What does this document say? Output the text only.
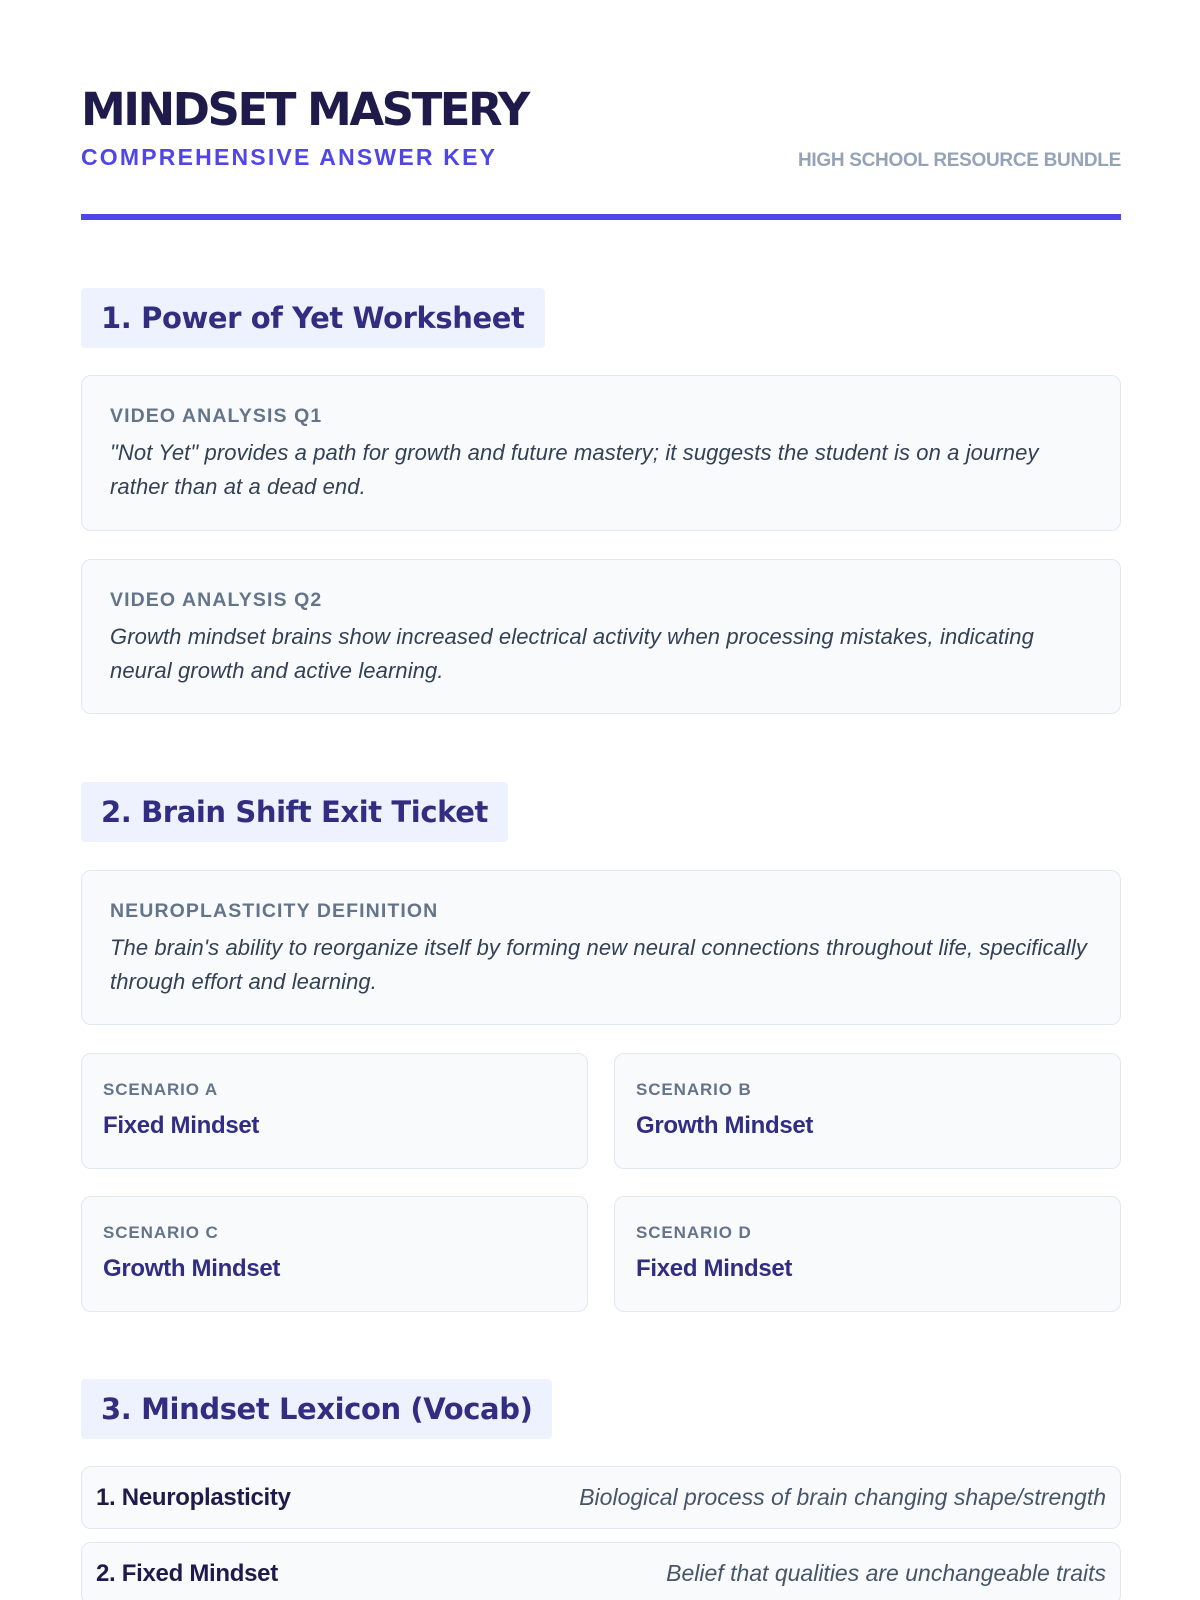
MINDSET MASTERY
COMPREHENSIVE ANSWER KEY	HIGH SCHOOL RESOURCE BUNDLE
1. Power of Yet Worksheet
VIDEO ANALYSIS Q1
"Not Yet" provides a path for growth and future mastery; it suggests the student is on a journey rather than at a dead end.
VIDEO ANALYSIS Q2
Growth mindset brains show increased electrical activity when processing mistakes, indicating neural growth and active learning.
2. Brain Shift Exit Ticket
NEUROPLASTICITY DEFINITION
The brain's ability to reorganize itself by forming new neural connections throughout life, specifically through effort and learning.
SCENARIO A
Fixed Mindset
SCENARIO B
Growth Mindset
SCENARIO C
Growth Mindset
SCENARIO D
Fixed Mindset
3. Mindset Lexicon (Vocab)
1. Neuroplasticity	Biological process of brain changing shape/strength
2. Fixed Mindset	Belief that qualities are unchangeable traits
